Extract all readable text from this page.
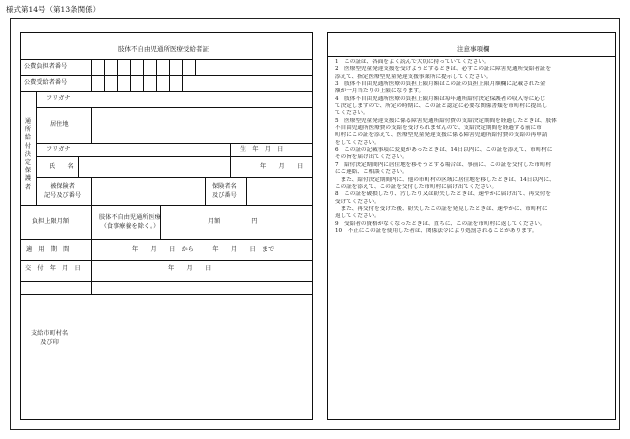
様式第14号（第13条関係）
肢体不自由児通所医療受給者証
公費負担者番号
公費受給者番号
通
所
給
付
決
定
保
護
者
フリガナ
居住地
フリガナ
氏　　名
生　年　月　日
年　　月　　日
被保険者
記号及び番号
保険者名
及び番号
負担上限月額
肢体不自由児通所医療
（食事療養を除く。）
月額　　　　　円
適　用　期　間	年　　月　　日　から　　　年　　月　　日　まで
交　付　年　月　日	年　　月　　日
支給市町村名
及び印
注意事項欄
1　この証は、各面をよく読んで大切に持っていてください。
2　医療型児童発達支援を受けようとするときは、必ずこの証に障害児通所受給者証を
添えて、指定医療型児童発達支援事業所に提示してください。
3　肢体不自由児通所医療の負担上限月額はこの証の負担上限月額欄に記載された金
額が一月当たりの上限になります。
4　肢体不自由児通所医療の負担上限月額は毎年通所給付決定保護者の収入等に応じ
て決定しますので、所定の時期に、この証と認定に必要な関係書類を市町村に提出し
てください。
5　医療型児童発達支援に係る障害児通所給付費の支給決定期間を経過したときは、肢体
不自由児通所医療費の支給を受けられませんので、支給決定期間を経過する前に市
町村にこの証を添えて、医療型児童発達支援に係る障害児通所給付費の支給の再申請
をしてください。
6　この証の記載事項に変更があったときは、14日以内に、この証を添えて、市町村に
その旨を届け出てください。
7　給付決定期間内に居住地を移そうとする場合は、事前に、この証を交付した市町村
にご連絡、ご相談ください。
　また、給付決定期間内に、他の市町村の区域に居住地を移したときは、14日以内に、
この証を添えて、この証を交付した市町村に届け出てください。
8　この証を破損したり、汚したり又は紛失したときは、速やかに届け出て、再交付を
受けてください。
　また、再交付を受けた後、紛失したこの証を発見したときは、速やかに、市町村に
返してください。
9　受給者の資格がなくなったときは、直ちに、この証を市町村に返してください。
10　不正にこの証を使用した者は、関係法令により処罰されることがあります。
